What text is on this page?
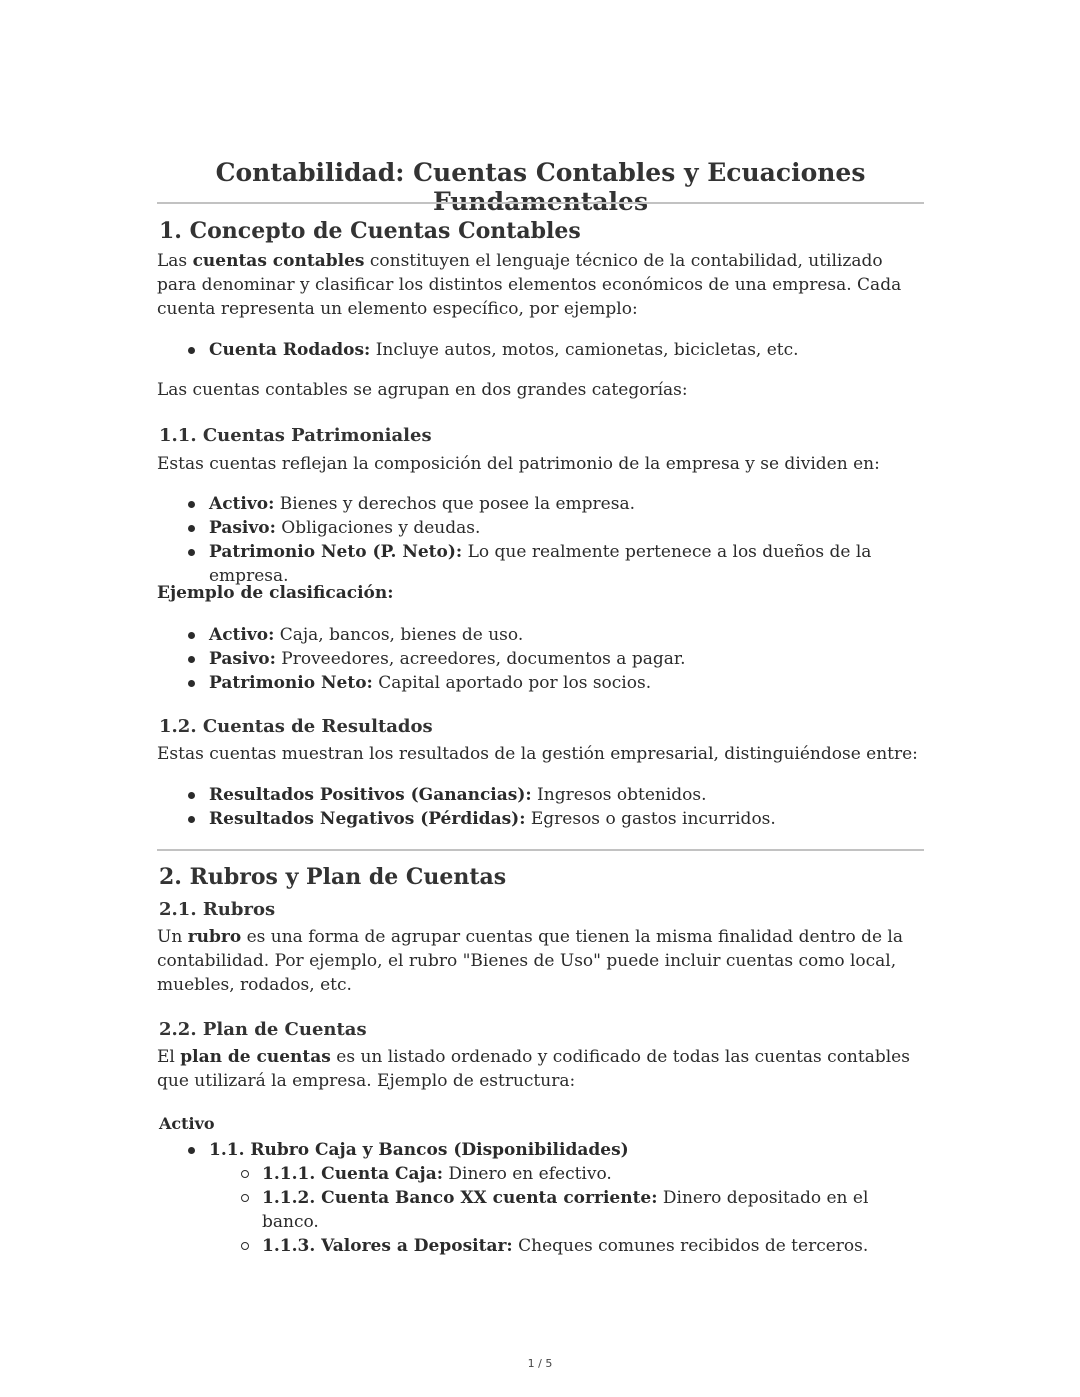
Contabilidad: Cuentas Contables y Ecuaciones Fundamentales
1. Concepto de Cuentas Contables

Las cuentas contables constituyen el lenguaje técnico de la contabilidad, utilizado para denominar y clasificar los distintos elementos económicos de una empresa. Cada cuenta representa un elemento específico, por ejemplo:

Cuenta Rodados: Incluye autos, motos, camionetas, bicicletas, etc.

Las cuentas contables se agrupan en dos grandes categorías:

1.1. Cuentas Patrimoniales

Estas cuentas reflejan la composición del patrimonio de la empresa y se dividen en:

Activo: Bienes y derechos que posee la empresa.
Pasivo: Obligaciones y deudas.
Patrimonio Neto (P. Neto): Lo que realmente pertenece a los dueños de la empresa.

Ejemplo de clasificación:

Activo: Caja, bancos, bienes de uso.
Pasivo: Proveedores, acreedores, documentos a pagar.
Patrimonio Neto: Capital aportado por los socios.
1.2. Cuentas de Resultados

Estas cuentas muestran los resultados de la gestión empresarial, distinguiéndose entre:

Resultados Positivos (Ganancias): Ingresos obtenidos.
Resultados Negativos (Pérdidas): Egresos o gastos incurridos.
2. Rubros y Plan de Cuentas
2.1. Rubros

Un rubro es una forma de agrupar cuentas que tienen la misma finalidad dentro de la contabilidad. Por ejemplo, el rubro "Bienes de Uso" puede incluir cuentas como local, muebles, rodados, etc.

2.2. Plan de Cuentas

El plan de cuentas es un listado ordenado y codificado de todas las cuentas contables que utilizará la empresa. Ejemplo de estructura:

Activo
1.1. Rubro Caja y Bancos (Disponibilidades)
1.1.1. Cuenta Caja: Dinero en efectivo.
1.1.2. Cuenta Banco XX cuenta corriente: Dinero depositado en el banco.
1.1.3. Valores a Depositar: Cheques comunes recibidos de terceros.
1 / 5
